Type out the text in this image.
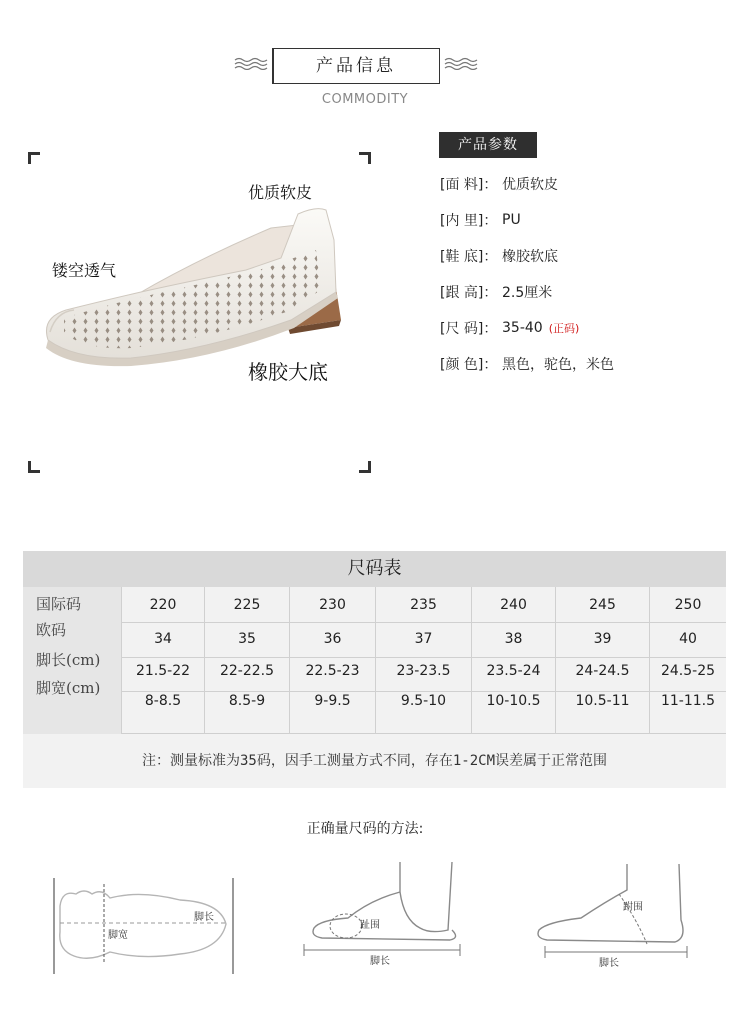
产品信息
COMMODITY
优质软皮
镂空透气
橡胶大底
产品参数
[面 料]： 优质软皮
[内 里]： PU
[鞋 底]： 橡胶软底
[跟 高]： 2.5厘米
[尺 码]： 35-40 (正码)
[颜 色]： 黑色，驼色，米色
尺码表
国际码
欧码
脚长(cm)
脚宽(cm)
220
34
21.5-22
8-8.5
225
35
22-22.5
8.5-9
230
36
22.5-23
9-9.5
235
37
23-23.5
9.5-10
240
38
23.5-24
10-10.5
245
39
24-24.5
10.5-11
250
40
24.5-25
11-11.5
注：测量标准为35码，因手工测量方式不同，存在1-2CM误差属于正常范围
正确量尺码的方法:
脚宽
脚长
趾围
脚长
跗围
脚长
